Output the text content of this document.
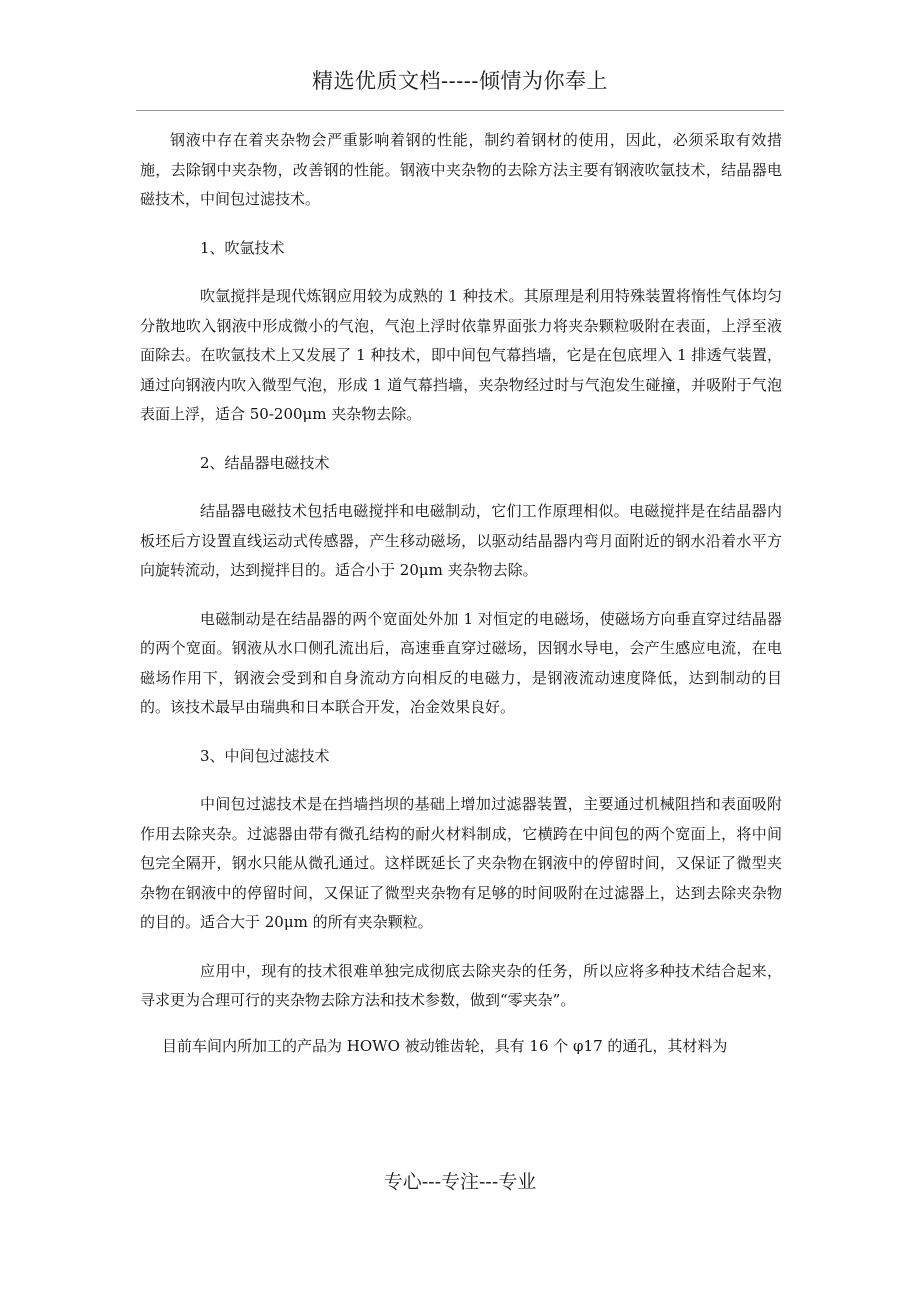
精选优质文档-----倾情为你奉上

钢液中存在着夹杂物会严重影响着钢的性能，制约着钢材的使用，因此，必须采取有效措施，去除钢中夹杂物，改善钢的性能。钢液中夹杂物的去除方法主要有钢液吹氩技术，结晶器电磁技术，中间包过滤技术。

1、吹氩技术

吹氩搅拌是现代炼钢应用较为成熟的 1 种技术。其原理是利用特殊装置将惰性气体均匀分散地吹入钢液中形成微小的气泡，气泡上浮时依靠界面张力将夹杂颗粒吸附在表面，上浮至液面除去。在吹氩技术上又发展了 1 种技术，即中间包气幕挡墙，它是在包底埋入 1 排透气装置，通过向钢液内吹入微型气泡，形成 1 道气幕挡墙，夹杂物经过时与气泡发生碰撞，并吸附于气泡表面上浮，适合 50-200μm 夹杂物去除。

2、结晶器电磁技术

结晶器电磁技术包括电磁搅拌和电磁制动，它们工作原理相似。电磁搅拌是在结晶器内板坯后方设置直线运动式传感器，产生移动磁场，以驱动结晶器内弯月面附近的钢水沿着水平方向旋转流动，达到搅拌目的。适合小于 20μm 夹杂物去除。

电磁制动是在结晶器的两个宽面处外加 1 对恒定的电磁场，使磁场方向垂直穿过结晶器的两个宽面。钢液从水口侧孔流出后，高速垂直穿过磁场，因钢水导电，会产生感应电流，在电磁场作用下，钢液会受到和自身流动方向相反的电磁力，是钢液流动速度降低，达到制动的目的。该技术最早由瑞典和日本联合开发，冶金效果良好。

3、中间包过滤技术

中间包过滤技术是在挡墙挡坝的基础上增加过滤器装置，主要通过机械阻挡和表面吸附作用去除夹杂。过滤器由带有微孔结构的耐火材料制成，它横跨在中间包的两个宽面上，将中间包完全隔开，钢水只能从微孔通过。这样既延长了夹杂物在钢液中的停留时间，又保证了微型夹杂物在钢液中的停留时间，又保证了微型夹杂物有足够的时间吸附在过滤器上，达到去除夹杂物的目的。适合大于 20μm 的所有夹杂颗粒。

应用中，现有的技术很难单独完成彻底去除夹杂的任务，所以应将多种技术结合起来，寻求更为合理可行的夹杂物去除方法和技术参数，做到“零夹杂”。

目前车间内所加工的产品为 HOWO 被动锥齿轮，具有 16 个 φ17 的通孔，其材料为

专心---专注---专业
